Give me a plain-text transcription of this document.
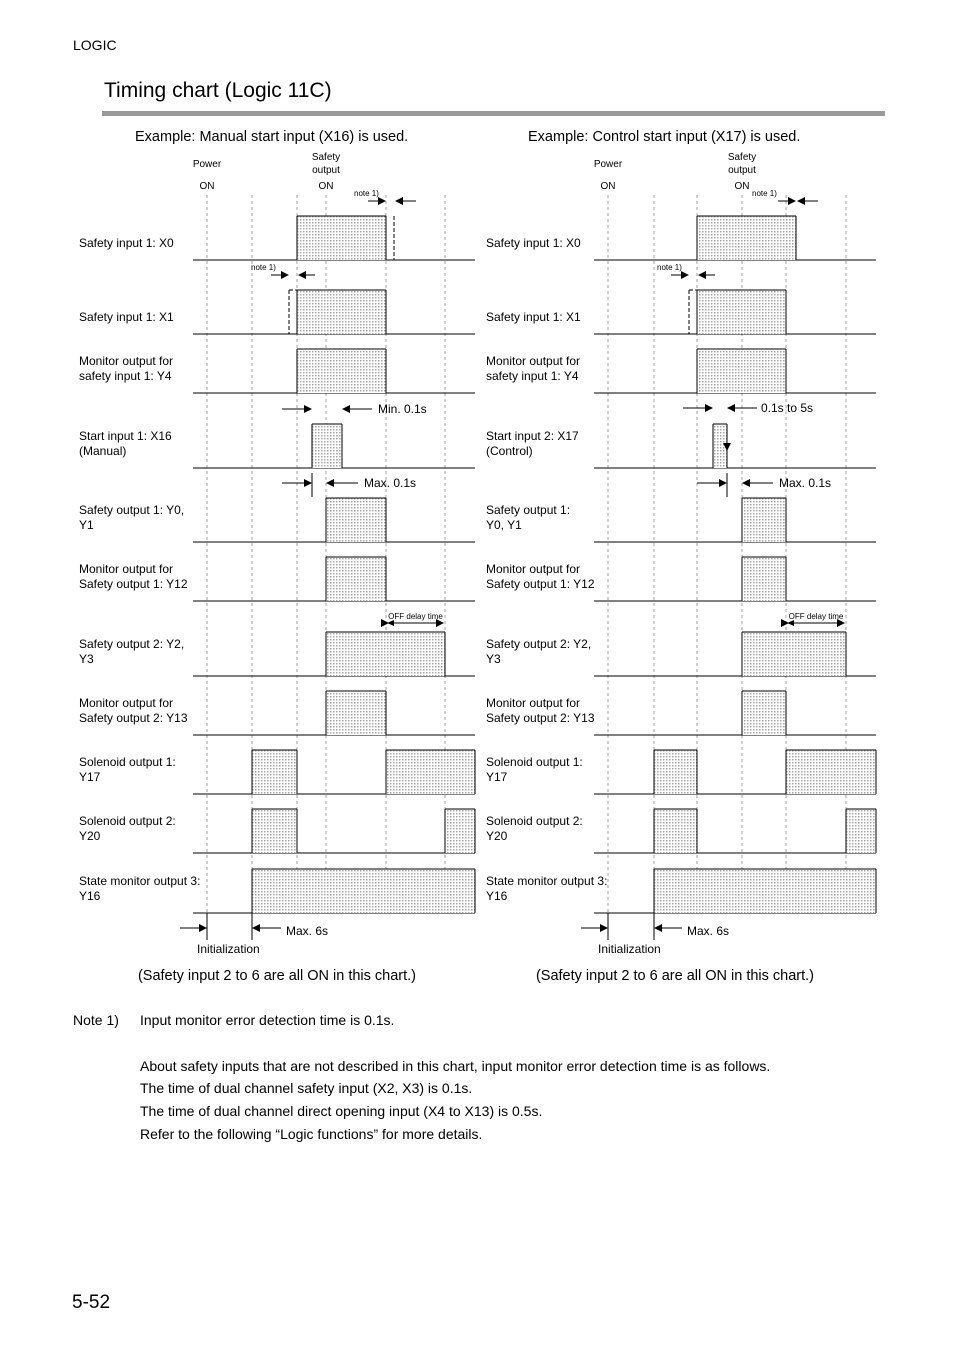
LOGIC
Timing chart (Logic 11C)
Example: Manual start input (X16) is used.
(Safety input 2 to 6 are all ON in this chart.)
Power
ON
Safety
output
ON
Safety input 1: X0
Safety input 1: X1
Monitor output for
safety input 1: Y4
Start input 1: X16
(Manual)
Safety output 1: Y0,
Y1
Monitor output for
Safety output 1: Y12
Safety output 2: Y2,
Y3
Monitor output for
Safety output 2: Y13
Solenoid output 1:
Y17
Solenoid output 2:
Y20
State monitor output 3:
Y16
note 1)
note 1)
Min. 0.1s
Max. 0.1s
OFF delay time
Max. 6s
Initialization
Example: Control start input (X17) is used.
(Safety input 2 to 6 are all ON in this chart.)
Power
ON
Safety
output
ON
Safety input 1: X0
Safety input 1: X1
Monitor output for
safety input 1: Y4
Start input 2: X17
(Control)
Safety output 1:
Y0, Y1
Monitor output for
Safety output 1: Y12
Safety output 2: Y2,
Y3
Monitor output for
Safety output 2: Y13
Solenoid output 1:
Y17
Solenoid output 2:
Y20
State monitor output 3:
Y16
note 1)
note 1)
0.1s to 5s
Max. 0.1s
OFF delay time
Max. 6s
Initialization
Note 1) Input monitor error detection time is 0.1s.
About safety inputs that are not described in this chart, input monitor error detection time is as follows.
The time of dual channel safety input (X2, X3) is 0.1s.
The time of dual channel direct opening input (X4 to X13) is 0.5s.
Refer to the following “Logic functions” for more details.
5-52
